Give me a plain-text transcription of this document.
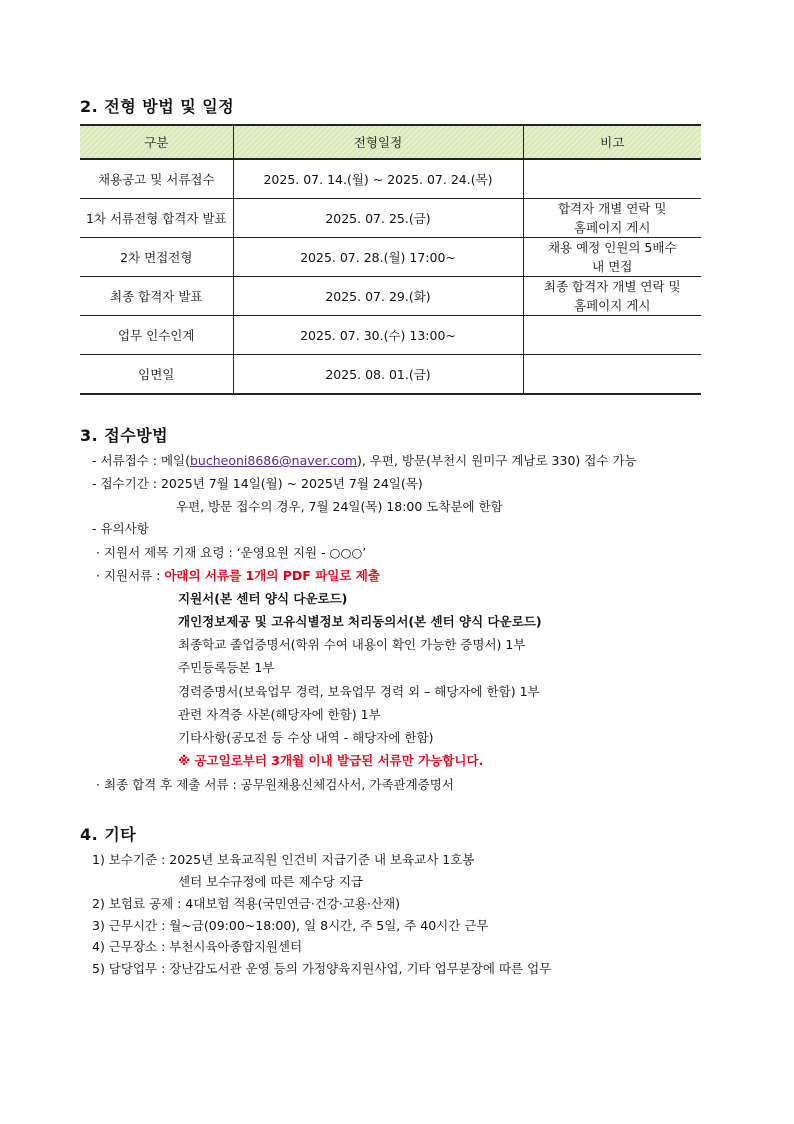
2. 전형 방법 및 일정
구분	전형일정	비고
채용공고 및 서류접수	2025. 07. 14.(월) ~ 2025. 07. 24.(목)	

1차 서류전형 합격자 발표	2025. 07. 25.(금)	합격자 개별 연락 및
홈페이지 게시

2차 면접전형	2025. 07. 28.(월) 17:00~	채용 예정 인원의 5배수
내 면접

최종 합격자 발표	2025. 07. 29.(화)	최종 합격자 개별 연락 및
홈페이지 게시

업무 인수인계	2025. 07. 30.(수) 13:00~	

임면일	2025. 08. 01.(금)	
3. 접수방법

- 서류접수 : 메일(bucheoni8686@naver.com), 우편, 방문(부천시 원미구 계남로 330) 접수 가능

- 접수기간 : 2025년 7월 14일(월) ~ 2025년 7월 24일(목)

우편, 방문 접수의 경우, 7월 24일(목) 18:00 도착분에 한함

- 유의사항

· 지원서 제목 기재 요령 : ‘운영요원 지원 - ○○○’

· 지원서류 : 아래의 서류를 1개의 PDF 파일로 제출

지원서(본 센터 양식 다운로드)

개인정보제공 및 고유식별정보 처리동의서(본 센터 양식 다운로드)

최종학교 졸업증명서(학위 수여 내용이 확인 가능한 증명서) 1부

주민등록등본 1부

경력증명서(보육업무 경력, 보육업무 경력 외 – 해당자에 한함) 1부

관련 자격증 사본(해당자에 한함) 1부

기타사항(공모전 등 수상 내역 - 해당자에 한함)

※ 공고일로부터 3개월 이내 발급된 서류만 가능합니다.

· 최종 합격 후 제출 서류 : 공무원채용신체검사서, 가족관계증명서

4. 기타

1) 보수기준 : 2025년 보육교직원 인건비 지급기준 내 보육교사 1호봉

센터 보수규정에 따른 제수당 지급

2) 보험료 공제 : 4대보험 적용(국민연금·건강·고용·산재)

3) 근무시간 : 월~금(09:00~18:00), 일 8시간, 주 5일, 주 40시간 근무

4) 근무장소 : 부천시육아종합지원센터

5) 담당업무 : 장난감도서관 운영 등의 가정양육지원사업, 기타 업무분장에 따른 업무
